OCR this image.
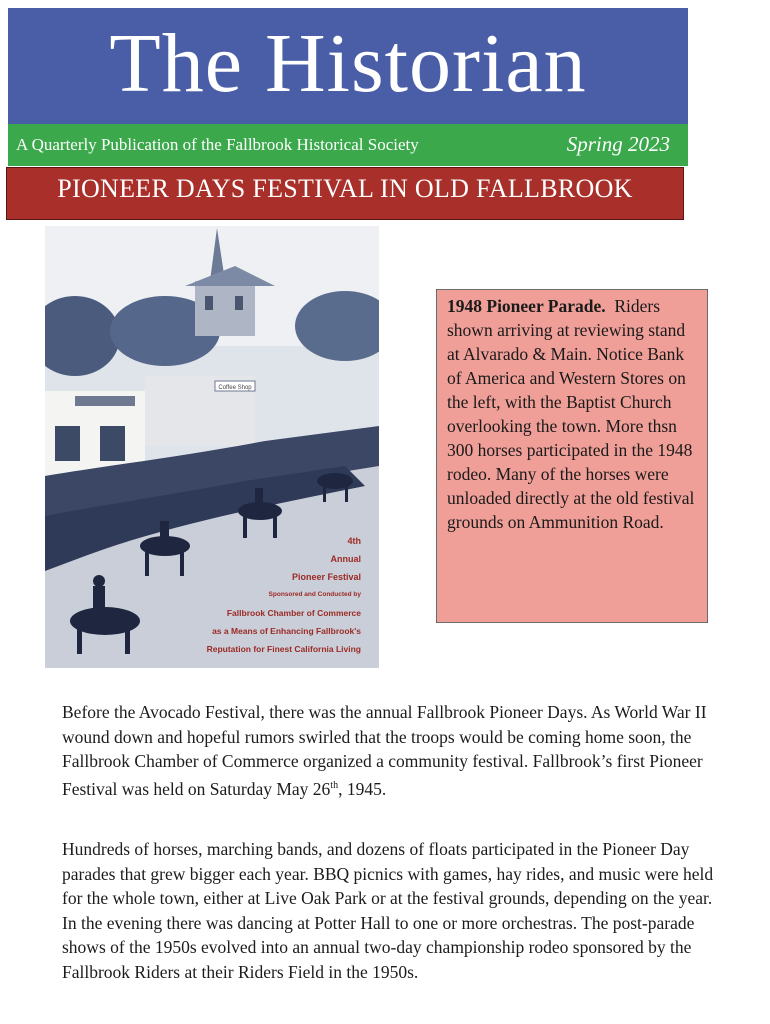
The Historian
A Quarterly Publication of the Fallbrook Historical Society	Spring 2023
PIONEER DAYS FESTIVAL IN OLD FALLBROOK
Coffee Shop
4th
Annual
Pioneer Festival
Sponsored and Conducted by
Fallbrook Chamber of Commerce
as a Means of Enhancing Fallbrook's
Reputation for Finest California Living
1948 Pioneer Parade. Riders shown arriving at reviewing stand at Alvarado & Main. Notice Bank of America and Western Stores on the left, with the Baptist Church overlooking the town. More thsn 300 horses participated in the 1948 rodeo. Many of the horses were unloaded directly at the old festival grounds on Ammunition Road.
Before the Avocado Festival, there was the annual Fallbrook Pioneer Days. As World War II wound down and hopeful rumors swirled that the troops would be coming home soon, the Fallbrook Chamber of Commerce organized a community festival. Fallbrook’s first Pioneer Festival was held on Saturday May 26th, 1945.
Hundreds of horses, marching bands, and dozens of floats participated in the Pioneer Day parades that grew bigger each year. BBQ picnics with games, hay rides, and music were held for the whole town, either at Live Oak Park or at the festival grounds, depending on the year. In the evening there was dancing at Potter Hall to one or more orchestras. The post-parade shows of the 1950s evolved into an annual two-day championship rodeo sponsored by the Fallbrook Riders at their Riders Field in the 1950s.
